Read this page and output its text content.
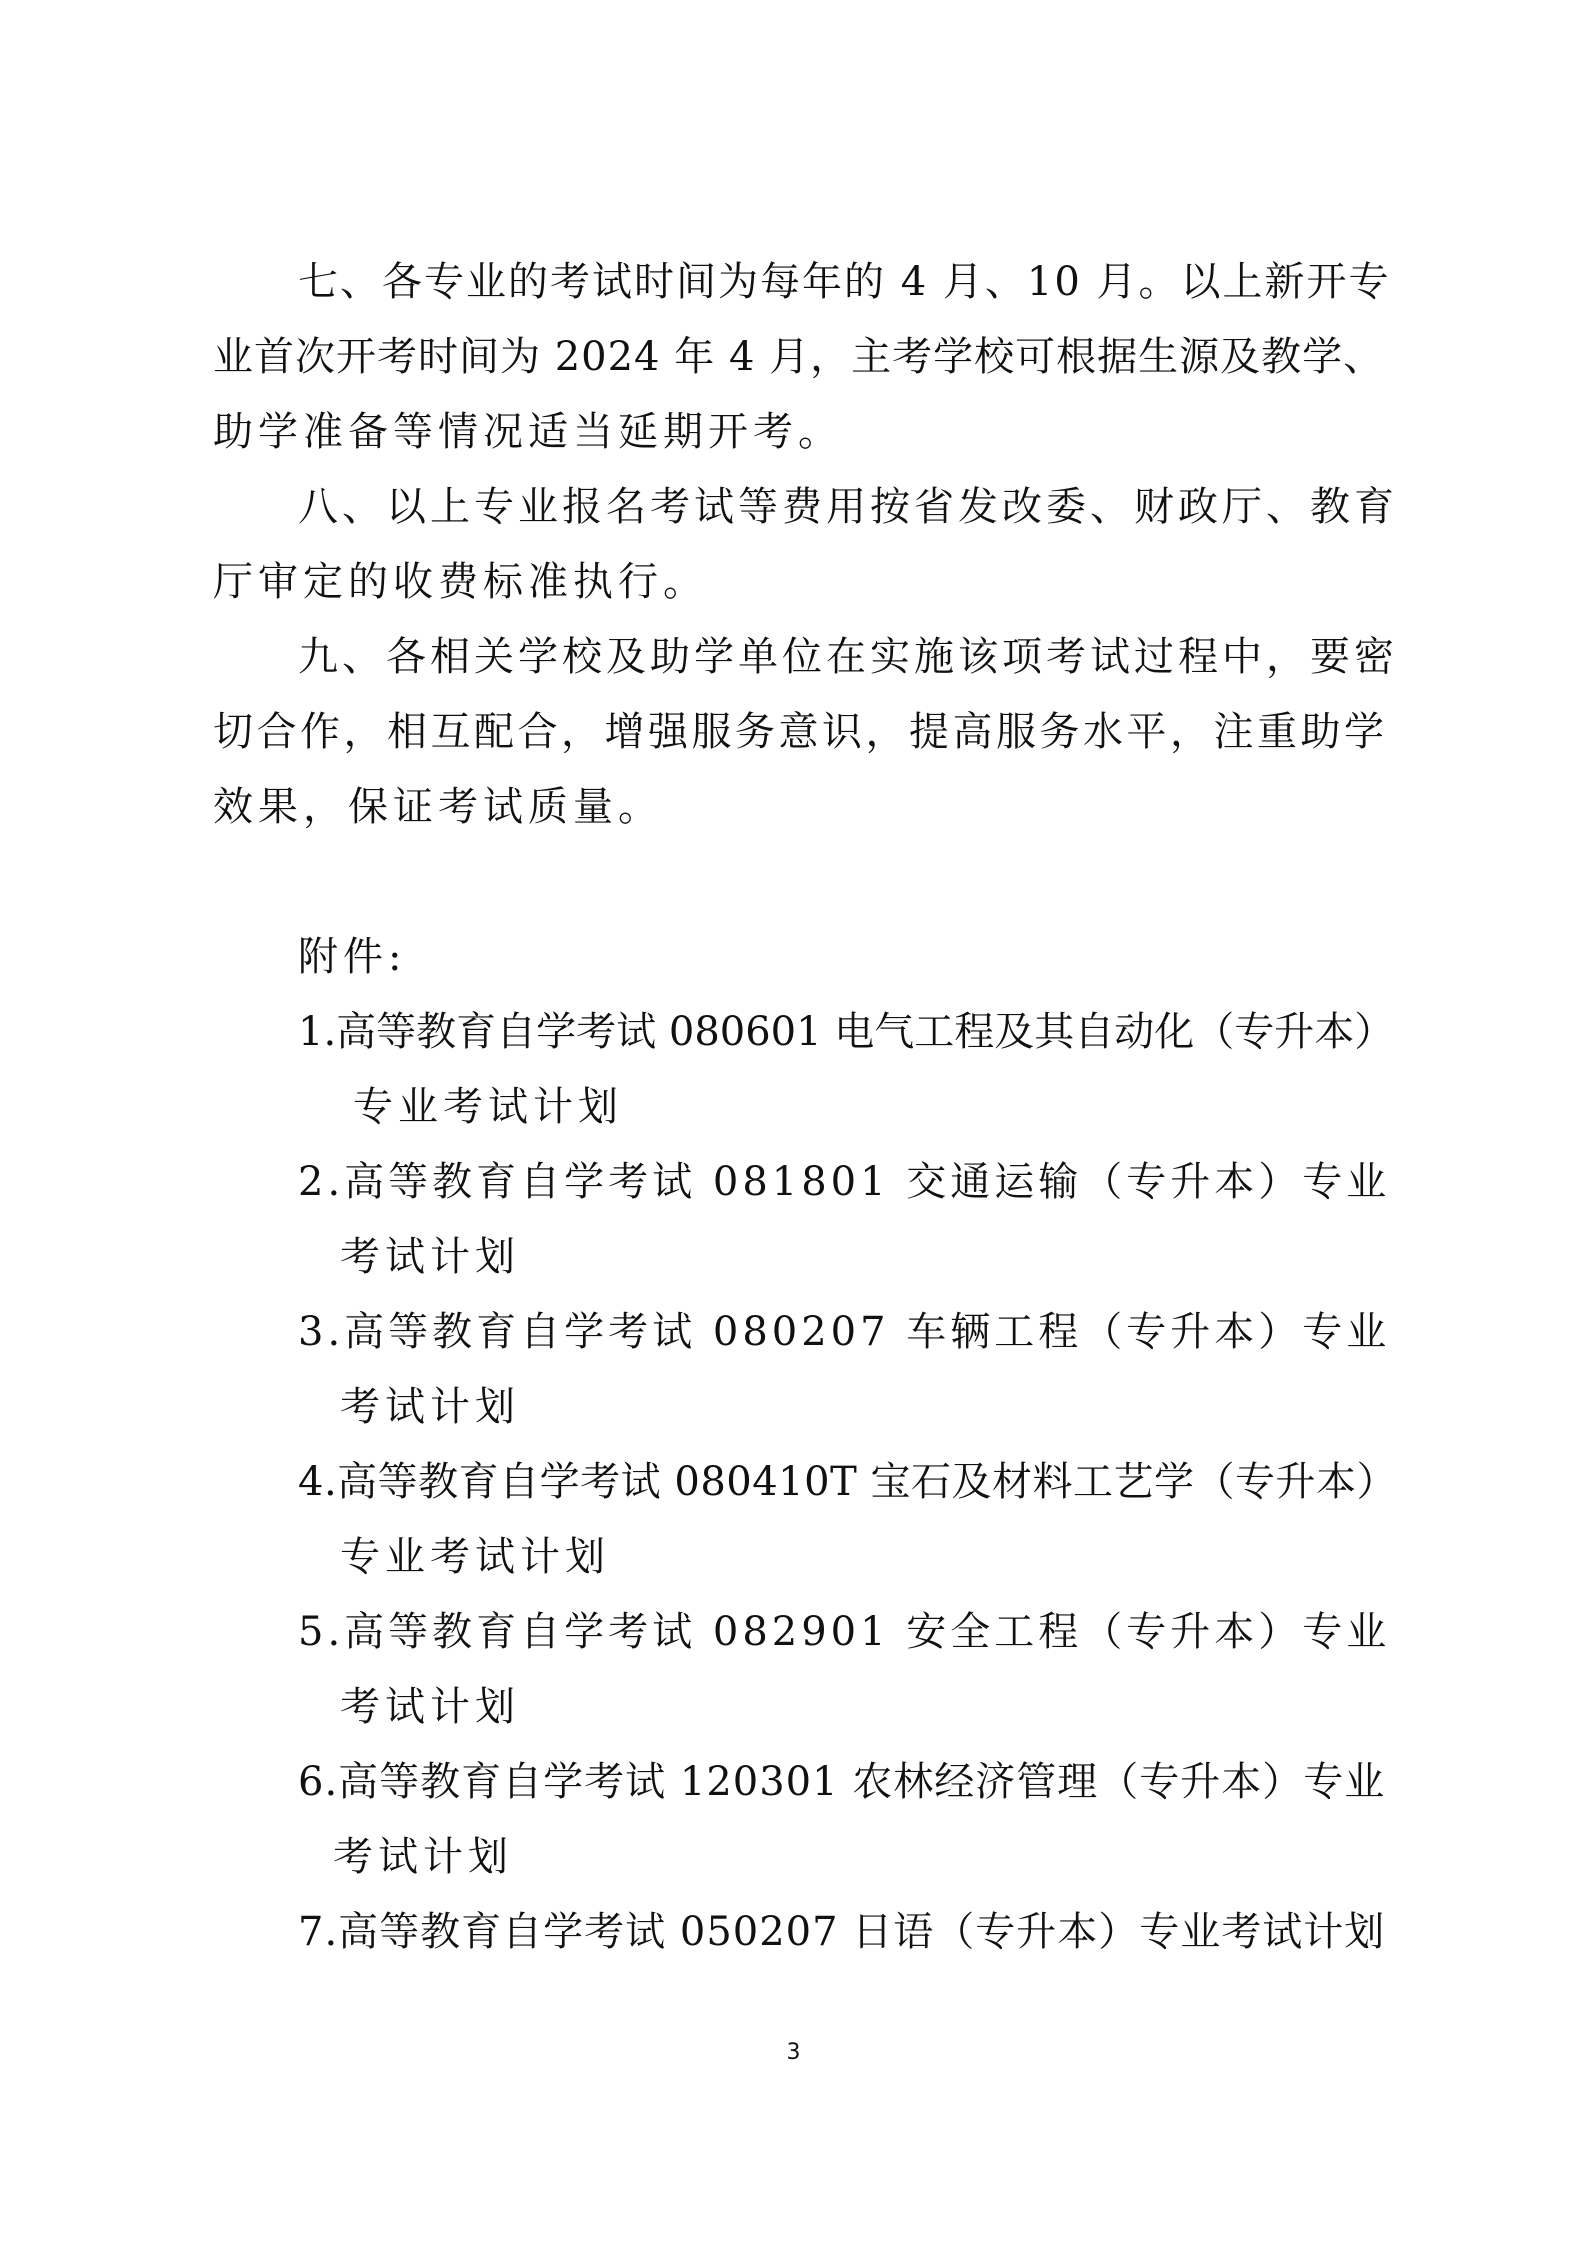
七、各专业的考试时间为每年的 4 月、10 月。以上新开专
业首次开考时间为 2024 年 4 月，主考学校可根据生源及教学、
助学准备等情况适当延期开考。
八、以上专业报名考试等费用按省发改委、财政厅、教育
厅审定的收费标准执行。
九、各相关学校及助学单位在实施该项考试过程中，要密
切合作，相互配合，增强服务意识，提高服务水平，注重助学
效果，保证考试质量。
附件:
1.高等教育自学考试 080601 电气工程及其自动化（专升本）
专业考试计划
2.高等教育自学考试 081801 交通运输（专升本）专业
考试计划
3.高等教育自学考试 080207 车辆工程（专升本）专业
考试计划
4.高等教育自学考试 080410T 宝石及材料工艺学（专升本）
专业考试计划
5.高等教育自学考试 082901 安全工程（专升本）专业
考试计划
6.高等教育自学考试 120301 农林经济管理（专升本）专业
考试计划
7.高等教育自学考试 050207 日语（专升本）专业考试计划
3
